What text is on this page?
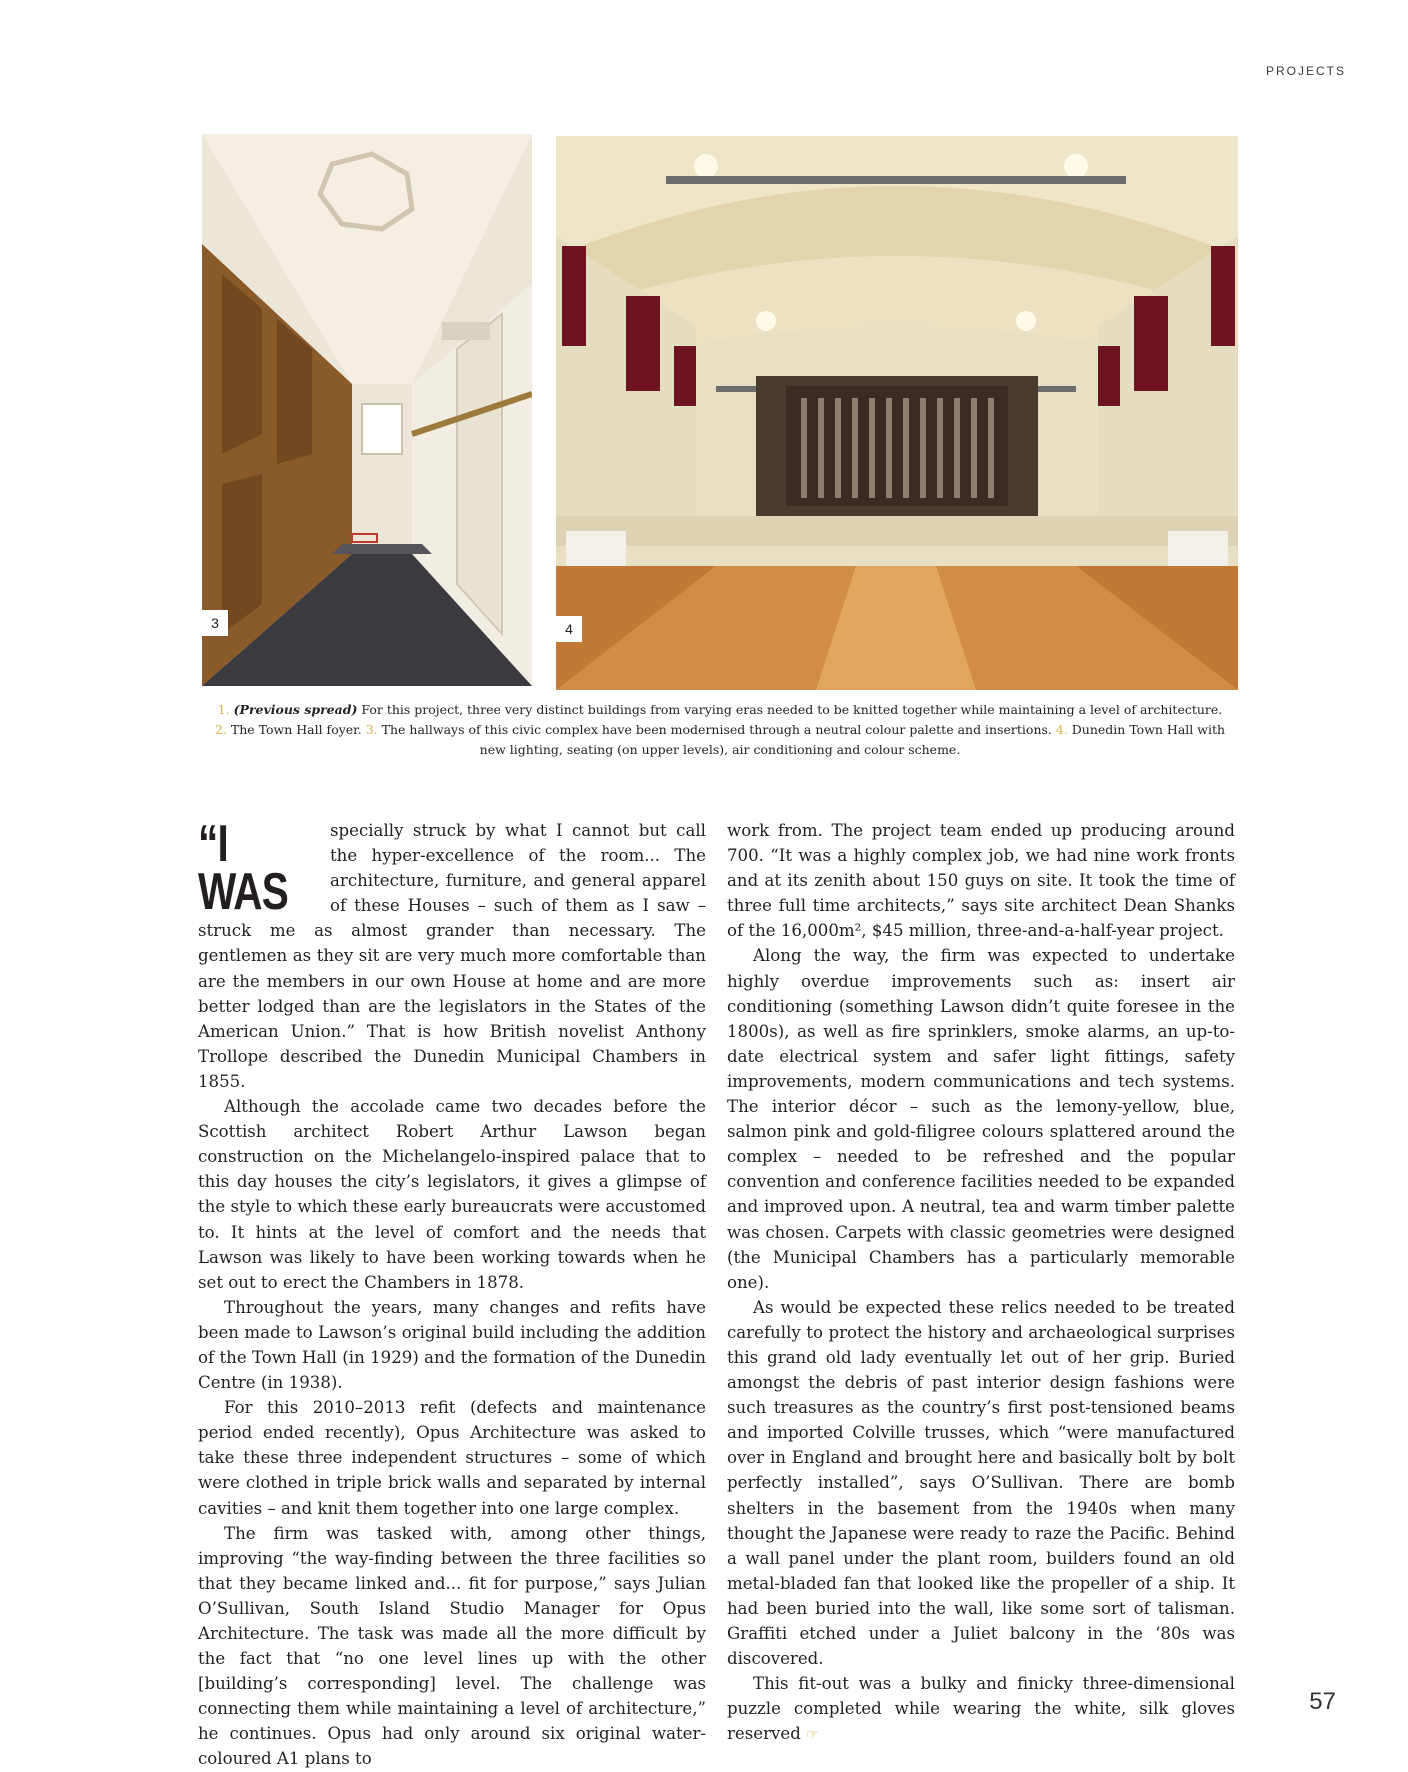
PROJECTS
3	4
1. (Previous spread) For this project, three very distinct buildings from varying eras needed to be knitted together while maintaining a level of architecture.
2. The Town Hall foyer. 3. The hallways of this civic complex have been modernised through a neutral colour palette and insertions. 4. Dunedin Town Hall with new lighting, seating (on upper levels), air conditioning and colour scheme.

“I WAS
specially struck by what I cannot but call the hyper-excellence of the room... The architecture, furniture, and general apparel of these Houses – such of them as I saw – struck me as almost grander than necessary. The gentlemen as they sit are very much more comfortable than are the members in our own House at home and are more better lodged than are the legislators in the States of the American Union.” That is how British novelist Anthony Trollope described the Dunedin Municipal Chambers in 1855.

Although the accolade came two decades before the Scottish architect Robert Arthur Lawson began construction on the Michelangelo-inspired palace that to this day houses the city’s legislators, it gives a glimpse of the style to which these early bureaucrats were accustomed to. It hints at the level of comfort and the needs that Lawson was likely to have been working towards when he set out to erect the Chambers in 1878.

Throughout the years, many changes and refits have been made to Lawson’s original build including the addition of the Town Hall (in 1929) and the formation of the Dunedin Centre (in 1938).

For this 2010–2013 refit (defects and maintenance period ended recently), Opus Architecture was asked to take these three independent structures – some of which were clothed in triple brick walls and separated by internal cavities – and knit them together into one large complex.

The firm was tasked with, among other things, improving “the way-finding between the three facilities so that they became linked and... fit for purpose,” says Julian O’Sullivan, South Island Studio Manager for Opus Architecture. The task was made all the more difficult by the fact that “no one level lines up with the other [building’s corresponding] level. The challenge was connecting them while maintaining a level of architecture,” he continues. Opus had only around six original water-coloured A1 plans to

work from. The project team ended up producing around 700. “It was a highly complex job, we had nine work fronts and at its zenith about 150 guys on site. It took the time of three full time architects,” says site architect Dean Shanks of the 16,000m², $45 million, three-and-a-half-year project.

Along the way, the firm was expected to undertake highly overdue improvements such as: insert air conditioning (something Lawson didn’t quite foresee in the 1800s), as well as fire sprinklers, smoke alarms, an up-to-date electrical system and safer light fittings, safety improvements, modern communications and tech systems. The interior décor – such as the lemony-yellow, blue, salmon pink and gold-filigree colours splattered around the complex – needed to be refreshed and the popular convention and conference facilities needed to be expanded and improved upon. A neutral, tea and warm timber palette was chosen. Carpets with classic geometries were designed (the Municipal Chambers has a particularly memorable one).

As would be expected these relics needed to be treated carefully to protect the history and archaeological surprises this grand old lady eventually let out of her grip. Buried amongst the debris of past interior design fashions were such treasures as the country’s first post-tensioned beams and imported Colville trusses, which “were manufactured over in England and brought here and basically bolt by bolt perfectly installed”, says O’Sullivan. There are bomb shelters in the basement from the 1940s when many thought the Japanese were ready to raze the Pacific. Behind a wall panel under the plant room, builders found an old metal-bladed fan that looked like the propeller of a ship. It had been buried into the wall, like some sort of talisman. Graffiti etched under a Juliet balcony in the ‘80s was discovered.

This fit-out was a bulky and finicky three-dimensional puzzle completed while wearing the white, silk gloves reserved ☞

57
